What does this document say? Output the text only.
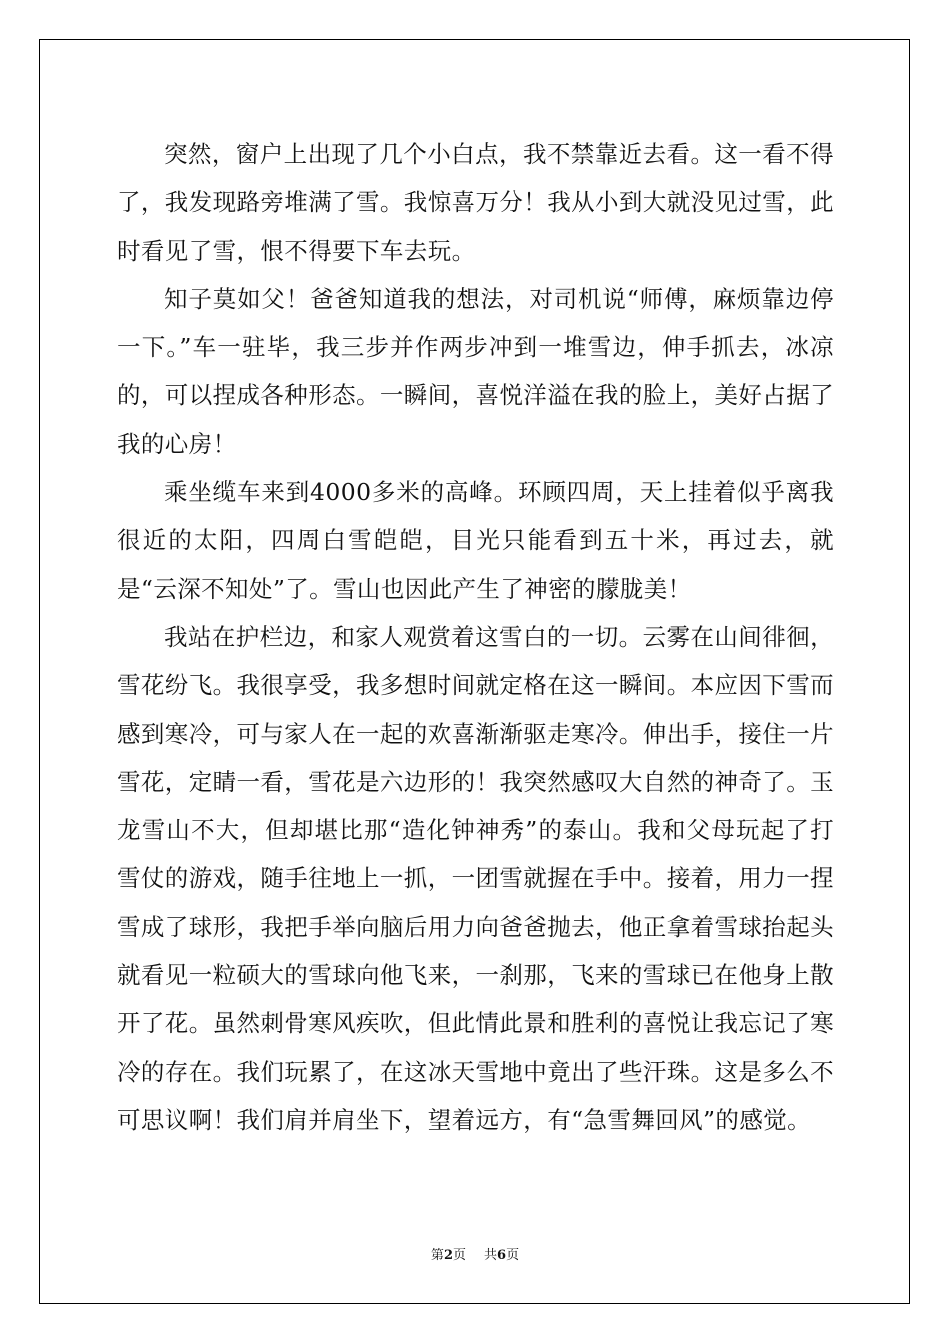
突然，窗户上出现了几个小白点，我不禁靠近去看。这一看不得了，我发现路旁堆满了雪。我惊喜万分！我从小到大就没见过雪，此时看见了雪，恨不得要下车去玩。

知子莫如父！爸爸知道我的想法，对司机说“师傅，麻烦靠边停一下。”车一驻毕，我三步并作两步冲到一堆雪边，伸手抓去，冰凉的，可以捏成各种形态。一瞬间，喜悦洋溢在我的脸上，美好占据了我的心房！

乘坐缆车来到4000多米的高峰。环顾四周，天上挂着似乎离我很近的太阳，四周白雪皑皑，目光只能看到五十米，再过去，就是“云深不知处”了。雪山也因此产生了神密的朦胧美！

我站在护栏边，和家人观赏着这雪白的一切。云雾在山间徘徊，雪花纷飞。我很享受，我多想时间就定格在这一瞬间。本应因下雪而感到寒冷，可与家人在一起的欢喜渐渐驱走寒冷。伸出手，接住一片雪花，定睛一看，雪花是六边形的！我突然感叹大自然的神奇了。玉龙雪山不大，但却堪比那“造化钟神秀”的泰山。我和父母玩起了打雪仗的游戏，随手往地上一抓，一团雪就握在手中。接着，用力一捏雪成了球形，我把手举向脑后用力向爸爸抛去，他正拿着雪球抬起头就看见一粒硕大的雪球向他飞来，一刹那，飞来的雪球已在他身上散开了花。虽然刺骨寒风疾吹，但此情此景和胜利的喜悦让我忘记了寒冷的存在。我们玩累了，在这冰天雪地中竟出了些汗珠。这是多么不可思议啊！我们肩并肩坐下，望着远方，有“急雪舞回风”的感觉。

第2页 共6页
